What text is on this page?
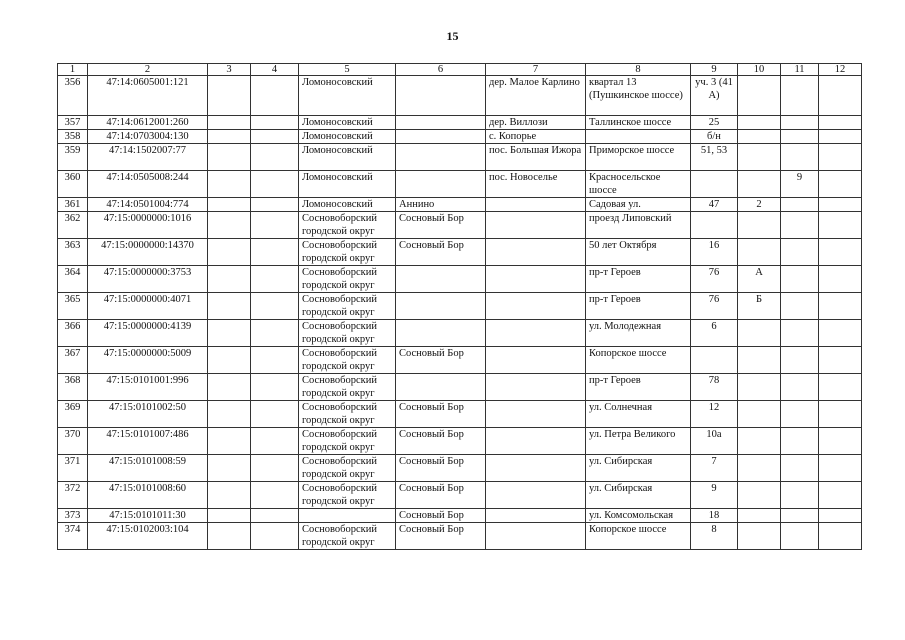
15
1	2	3	4	5	6	7	8	9	10	11	12
356	47:14:0605001:121			Ломоносовский		дер. Малое Карлино	квартал 13 (Пушкинское шоссе)	уч. 3 (41 А)			
357	47:14:0612001:260			Ломоносовский		дер. Виллози	Таллинское шоссе	25			
358	47:14:0703004:130			Ломоносовский		с. Копорье		б/н			
359	47:14:1502007:77			Ломоносовский		пос. Большая Ижора	Приморское шоссе	51, 53			
360	47:14:0505008:244			Ломоносовский		пос. Новоселье	Красносельское шоссе			9	
361	47:14:0501004:774			Ломоносовский	Аннино		Садовая ул.	47	2		
362	47:15:0000000:1016			Сосновоборский городской округ	Сосновый Бор		проезд Липовский				
363	47:15:0000000:14370			Сосновоборский городской округ	Сосновый Бор		50 лет Октября	16			
364	47:15:0000000:3753			Сосновоборский городской округ			пр-т Героев	76	А		
365	47:15:0000000:4071			Сосновоборский городской округ			пр-т Героев	76	Б		
366	47:15:0000000:4139			Сосновоборский городской округ			ул. Молодежная	6			
367	47:15:0000000:5009			Сосновоборский городской округ	Сосновый Бор		Копорское шоссе				
368	47:15:0101001:996			Сосновоборский городской округ			пр-т Героев	78			
369	47:15:0101002:50			Сосновоборский городской округ	Сосновый Бор		ул. Солнечная	12			
370	47:15:0101007:486			Сосновоборский городской округ	Сосновый Бор		ул. Петра Великого	10а			
371	47:15:0101008:59			Сосновоборский городской округ	Сосновый Бор		ул. Сибирская	7			
372	47:15:0101008:60			Сосновоборский городской округ	Сосновый Бор		ул. Сибирская	9			
373	47:15:0101011:30				Сосновый Бор		ул. Комсомольская	18			
374	47:15:0102003:104			Сосновоборский городской округ	Сосновый Бор		Копорское шоссе	8			
